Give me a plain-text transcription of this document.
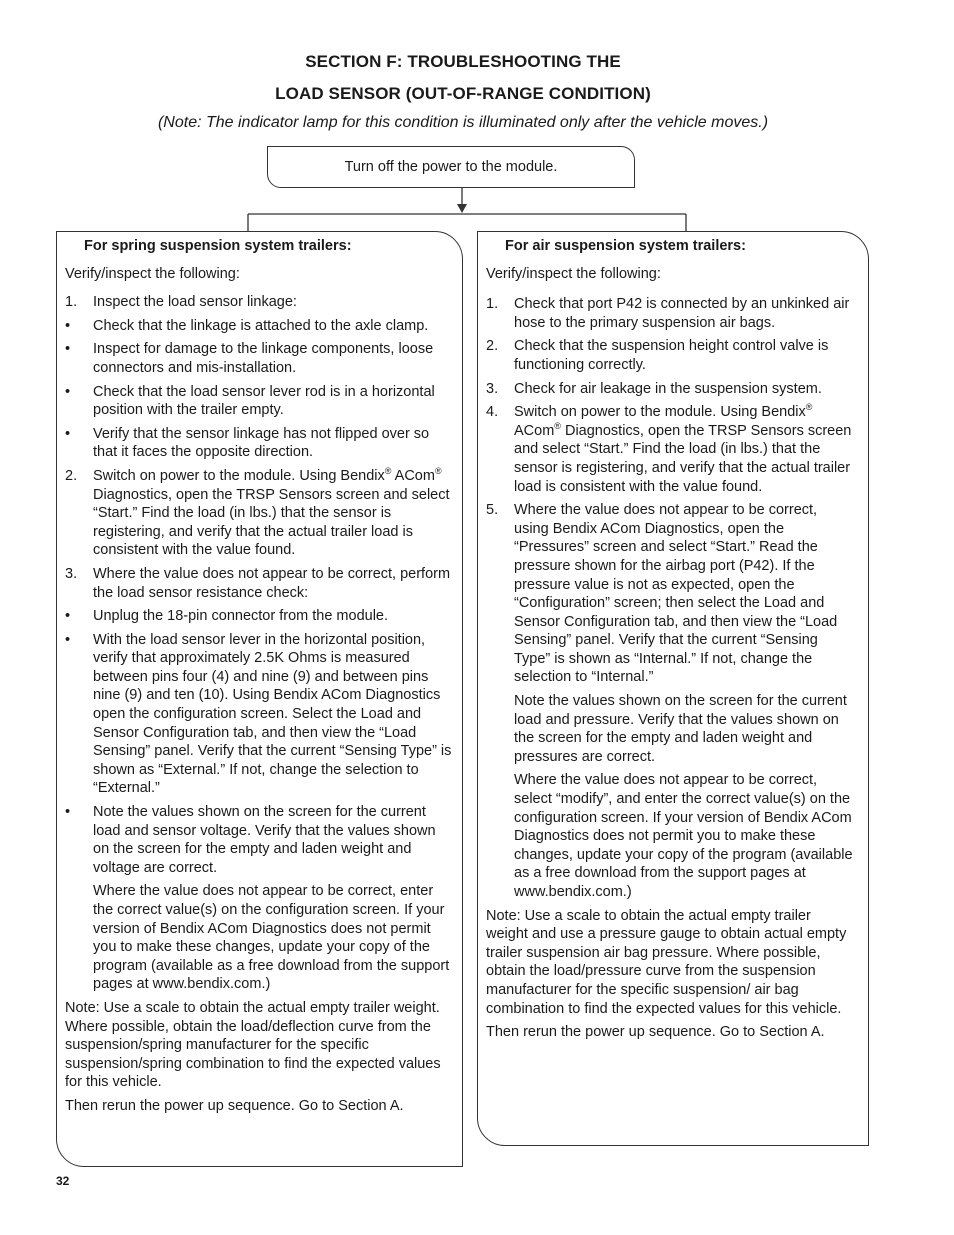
SECTION F: TROUBLESHOOTING THE
LOAD SENSOR (OUT-OF-RANGE CONDITION)
(Note: The indicator lamp for this condition is illuminated only after the vehicle moves.)
Turn off the power to the module.
For spring suspension system trailers:
Verify/inspect the following:
1.	Inspect the load sensor linkage:
•	Check that the linkage is attached to the axle clamp.
•	Inspect for damage to the linkage components, loose connectors and mis-installation.
•	Check that the load sensor lever rod is in a horizontal position with the trailer empty.
•	Verify that the sensor linkage has not flipped over so that it faces the opposite direction.
2.	Switch on power to the module. Using Bendix® ACom® Diagnostics, open the TRSP Sensors screen and select “Start.” Find the load (in lbs.) that the sensor is registering, and verify that the actual trailer load is consistent with the value found.
3.	Where the value does not appear to be correct, perform the load sensor resistance check:
•	Unplug the 18-pin connector from the module.
•	With the load sensor lever in the horizontal position, verify that approximately 2.5K Ohms is measured between pins four (4) and nine (9) and between pins nine (9) and ten (10). Using Bendix ACom Diagnostics open the configuration screen. Select the Load and Sensor Configuration tab, and then view the “Load Sensing” panel. Verify that the current “Sensing Type” is shown as “External.” If not, change the selection to “External.”
•	Note the values shown on the screen for the current load and sensor voltage. Verify that the values shown on the screen for the empty and laden weight and voltage are correct.
Where the value does not appear to be correct, enter the correct value(s) on the configuration screen. If your version of Bendix ACom Diagnostics does not permit you to make these changes, update your copy of the program (available as a free download from the support pages at www.bendix.com.)
Note: Use a scale to obtain the actual empty trailer weight. Where possible, obtain the load/deflection curve from the suspension/spring manufacturer for the specific suspension/spring combination to find the expected values for this vehicle.
Then rerun the power up sequence. Go to Section A.
For air suspension system trailers:
Verify/inspect the following:
1.	Check that port P42 is connected by an unkinked air hose to the primary suspension air bags.
2.	Check that the suspension height control valve is functioning correctly.
3.	Check for air leakage in the suspension system.
4.	Switch on power to the module. Using Bendix® ACom® Diagnostics, open the TRSP Sensors screen and select “Start.” Find the load (in lbs.) that the sensor is registering, and verify that the actual trailer load is consistent with the value found.
5.	Where the value does not appear to be correct, using Bendix ACom Diagnostics, open the “Pressures” screen and select “Start.” Read the pressure shown for the airbag port (P42). If the pressure value is not as expected, open the “Configuration” screen; then select the Load and Sensor Configuration tab, and then view the “Load Sensing” panel. Verify that the current “Sensing Type” is shown as “Internal.” If not, change the selection to “Internal.”
Note the values shown on the screen for the current load and pressure. Verify that the values shown on the screen for the empty and laden weight and pressures are correct.
Where the value does not appear to be correct, select “modify”, and enter the correct value(s) on the configuration screen. If your version of Bendix ACom Diagnostics does not permit you to make these changes, update your copy of the program (available as a free download from the support pages at www.bendix.com.)
Note: Use a scale to obtain the actual empty trailer weight and use a pressure gauge to obtain actual empty trailer suspension air bag pressure. Where possible, obtain the load/pressure curve from the suspension manufacturer for the specific suspension/ air bag combination to find the expected values for this vehicle.
Then rerun the power up sequence. Go to Section A.
32
